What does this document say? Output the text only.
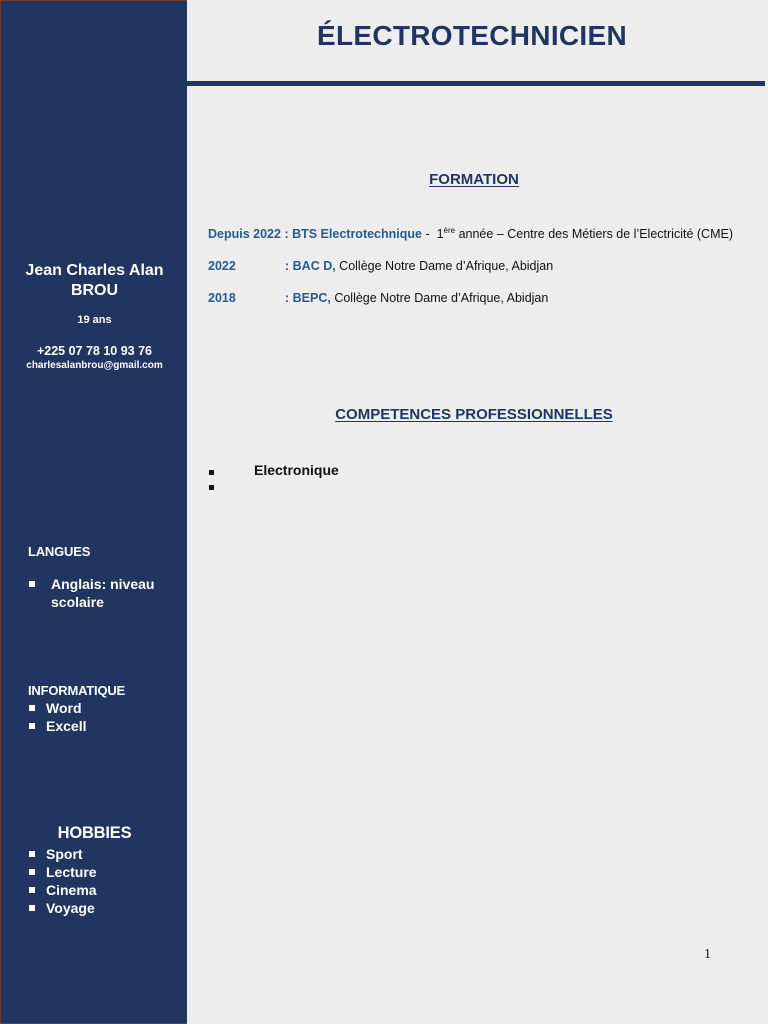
Jean Charles Alan BROU
19 ans
+225 07 78 10 93 76
charlesalanbrou@gmail.com
LANGUES
Anglais: niveau scolaire
INFORMATIQUE
Word
Excell
HOBBIES
Sport
Lecture
Cinema
Voyage
ÉLECTROTECHNICIEN
FORMATION
Depuis 2022 : BTS Electrotechnique -  1ère année – Centre des Métiers de l’Electricité (CME)
2022	: BAC D, Collège Notre Dame d’Afrique, Abidjan
2018	: BEPC, Collège Notre Dame d’Afrique, Abidjan
COMPETENCES PROFESSIONNELLES
Electronique
1
